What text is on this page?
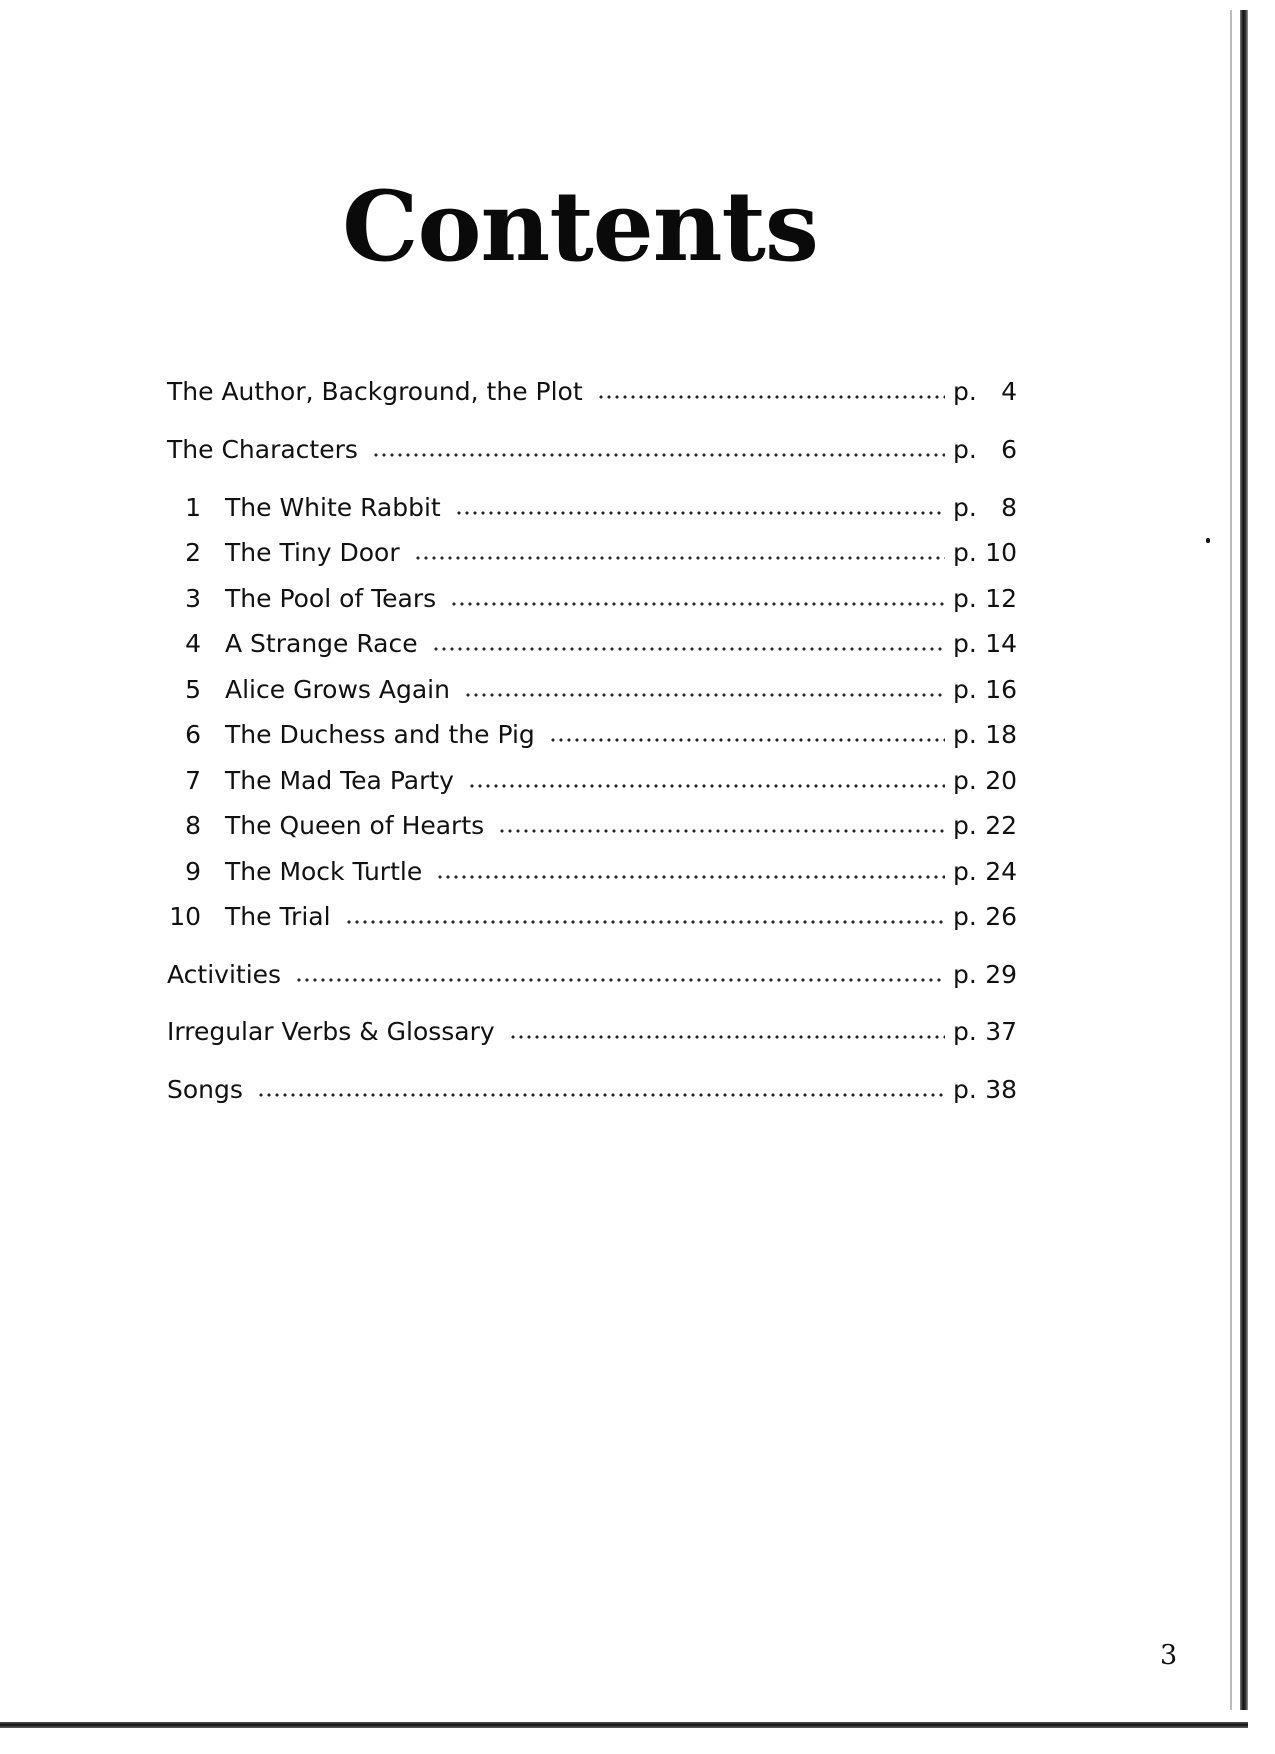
Contents
The Author, Background, the Plot	p. 4
The Characters	p. 6
1 The White Rabbit	p. 8
2 The Tiny Door	p. 10
3 The Pool of Tears	p. 12
4 A Strange Race	p. 14
5 Alice Grows Again	p. 16
6 The Duchess and the Pig	p. 18
7 The Mad Tea Party	p. 20
8 The Queen of Hearts	p. 22
9 The Mock Turtle	p. 24
10 The Trial	p. 26
Activities	p. 29
Irregular Verbs & Glossary	p. 37
Songs	p. 38
3
